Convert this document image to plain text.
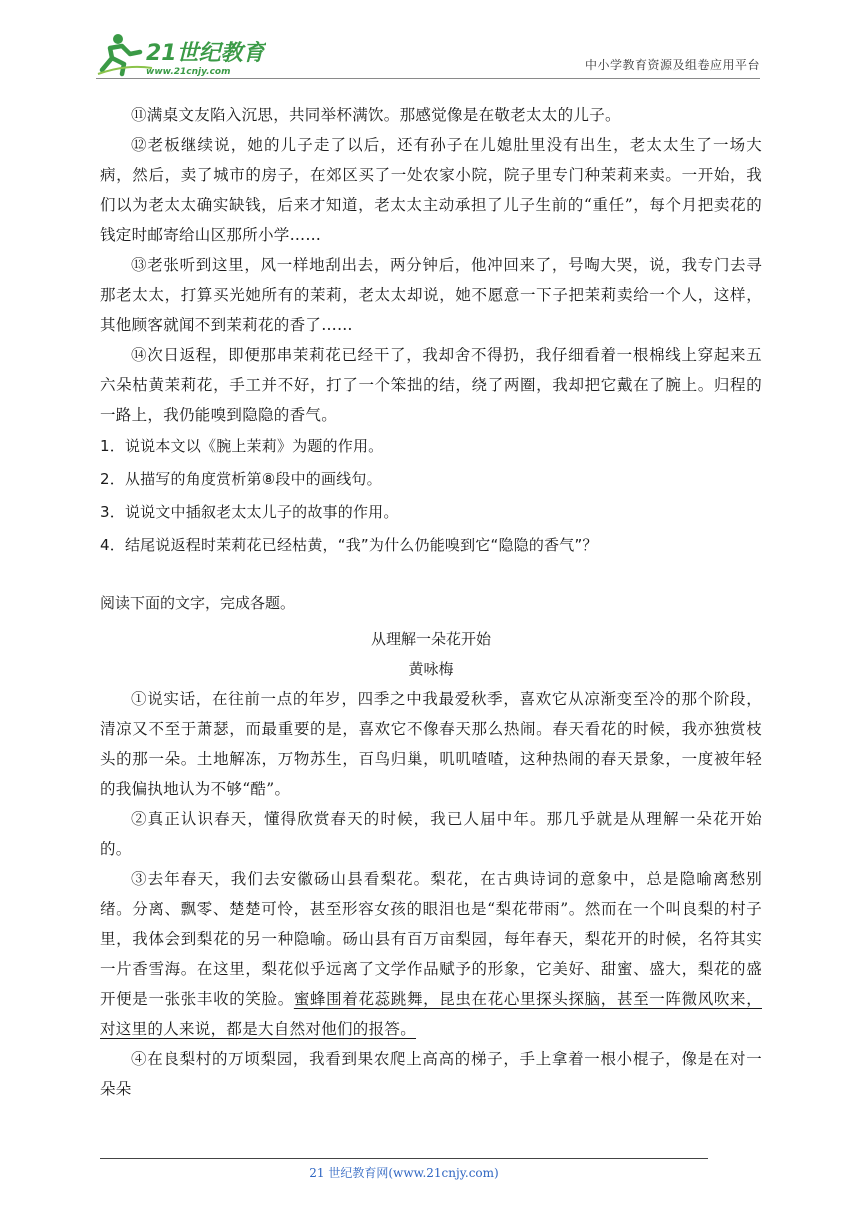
21世纪教育
www.21cnjy.com	中小学教育资源及组卷应用平台

⑪满桌文友陷入沉思，共同举杯满饮。那感觉像是在敬老太太的儿子。

⑫老板继续说，她的儿子走了以后，还有孙子在儿媳肚里没有出生，老太太生了一场大病，然后，卖了城市的房子，在郊区买了一处农家小院，院子里专门种茉莉来卖。一开始，我们以为老太太确实缺钱，后来才知道，老太太主动承担了儿子生前的“重任”，每个月把卖花的钱定时邮寄给山区那所小学……

⑬老张听到这里，风一样地刮出去，两分钟后，他冲回来了，号啕大哭，说，我专门去寻那老太太，打算买光她所有的茉莉，老太太却说，她不愿意一下子把茉莉卖给一个人，这样，其他顾客就闻不到茉莉花的香了……

⑭次日返程，即便那串茉莉花已经干了，我却舍不得扔，我仔细看着一根棉线上穿起来五六朵枯黄茉莉花，手工并不好，打了一个笨拙的结，绕了两圈，我却把它戴在了腕上。归程的一路上，我仍能嗅到隐隐的香气。

1．说说本文以《腕上茉莉》为题的作用。

2．从描写的角度赏析第⑧段中的画线句。

3．说说文中插叙老太太儿子的故事的作用。

4．结尾说返程时茉莉花已经枯黄，“我”为什么仍能嗅到它“隐隐的香气”？

阅读下面的文字，完成各题。

从理解一朵花开始

黄咏梅

①说实话，在往前一点的年岁，四季之中我最爱秋季，喜欢它从凉渐变至冷的那个阶段，清凉又不至于萧瑟，而最重要的是，喜欢它不像春天那么热闹。春天看花的时候，我亦独赏枝头的那一朵。土地解冻，万物苏生，百鸟归巢，叽叽喳喳，这种热闹的春天景象，一度被年轻的我偏执地认为不够“酷”。

②真正认识春天，懂得欣赏春天的时候，我已人届中年。那几乎就是从理解一朵花开始的。

③去年春天，我们去安徽砀山县看梨花。梨花，在古典诗词的意象中，总是隐喻离愁别绪。分离、飘零、楚楚可怜，甚至形容女孩的眼泪也是“梨花带雨”。然而在一个叫良梨的村子里，我体会到梨花的另一种隐喻。砀山县有百万亩梨园，每年春天，梨花开的时候，名符其实一片香雪海。在这里，梨花似乎远离了文学作品赋予的形象，它美好、甜蜜、盛大，梨花的盛开便是一张张丰收的笑脸。蜜蜂围着花蕊跳舞，昆虫在花心里探头探脑，甚至一阵微风吹来，对这里的人来说，都是大自然对他们的报答。

④在良梨村的万顷梨园，我看到果农爬上高高的梯子，手上拿着一根小棍子，像是在对一朵朵

21 世纪教育网(www.21cnjy.com)
